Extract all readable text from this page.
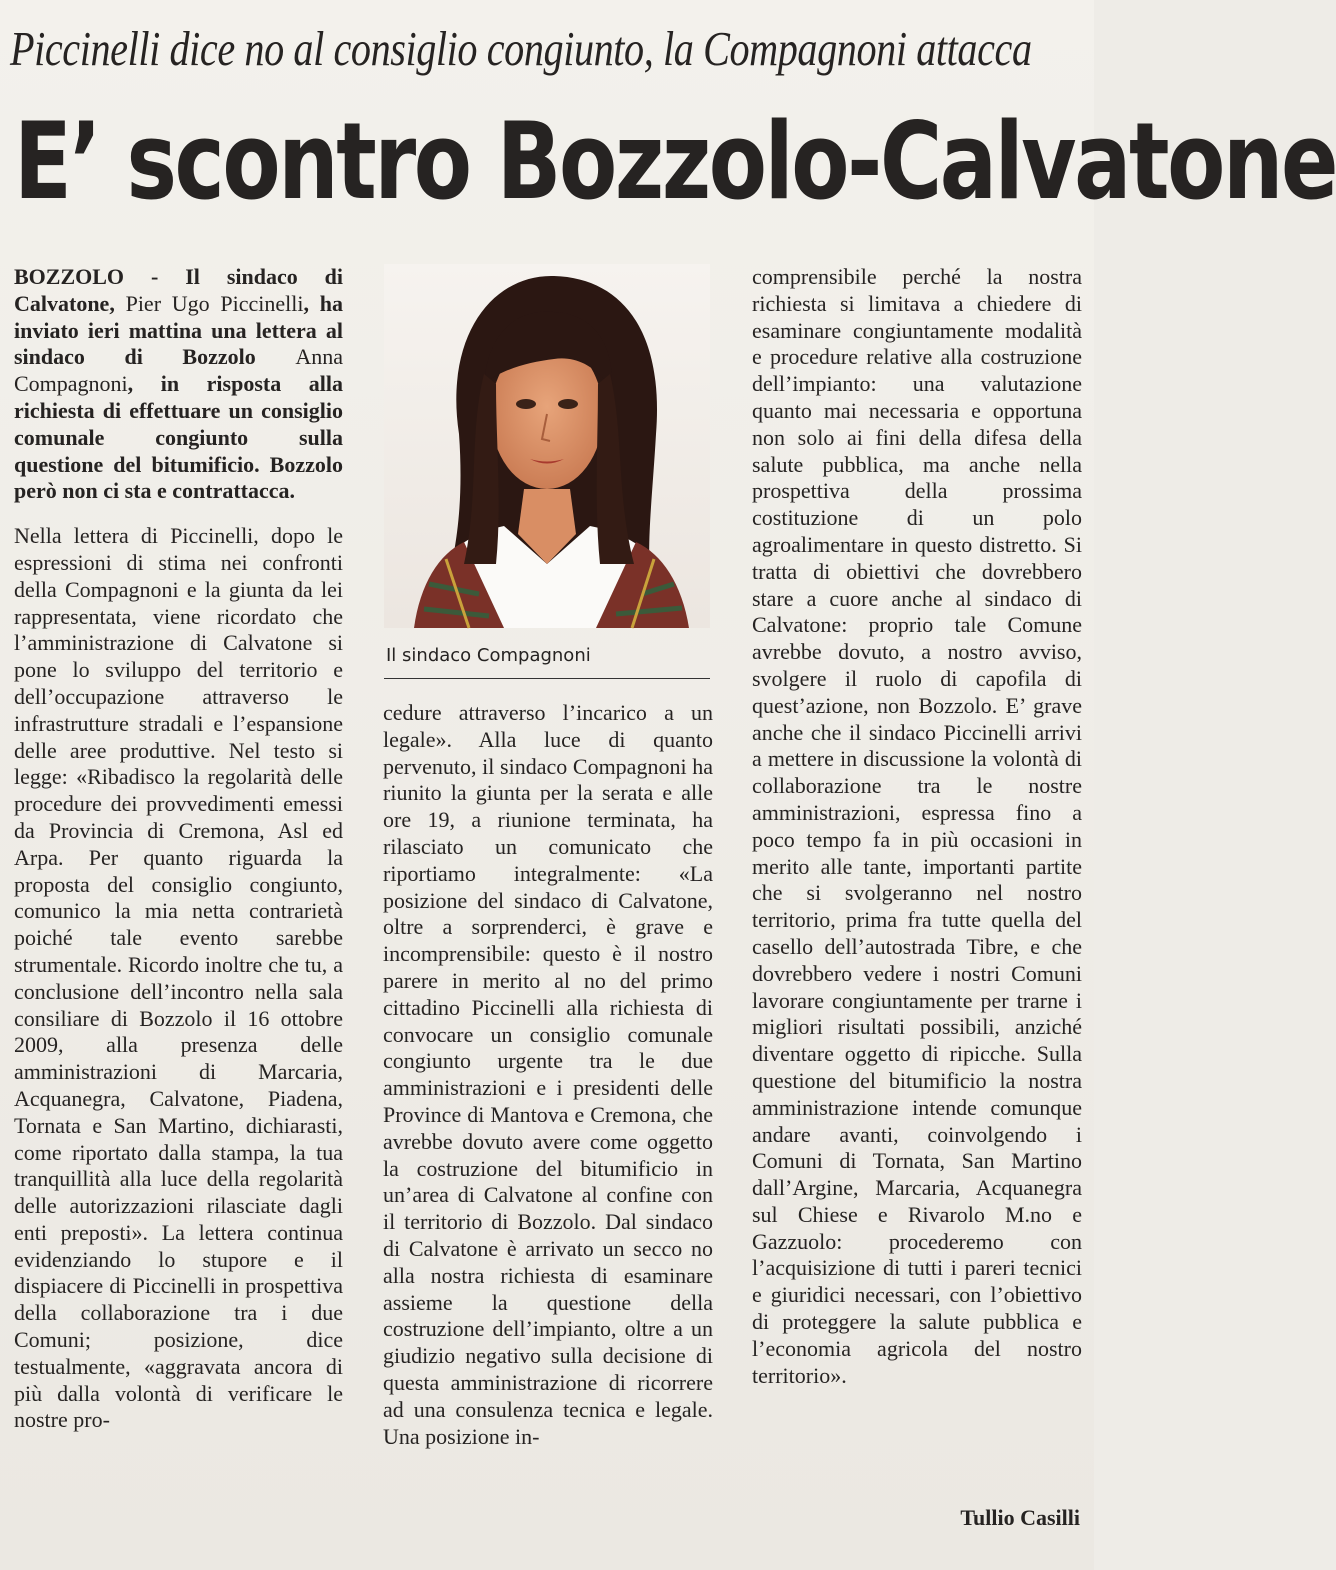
Piccinelli dice no al consiglio congiunto, la Compagnoni attacca
E’ scontro Bozzolo-Calvatone

BOZZOLO - Il sindaco di Calvatone, Pier Ugo Piccinelli, ha inviato ieri mattina una lettera al sindaco di Bozzolo Anna Compagnoni, in risposta alla richiesta di effettuare un consiglio comunale congiunto sulla questione del bitumificio. Bozzolo però non ci sta e contrattacca.

Nella lettera di Piccinelli, dopo le espressioni di stima nei confronti della Compagnoni e la giunta da lei rappresentata, viene ricordato che l’amministrazione di Calvatone si pone lo sviluppo del territorio e dell’occupazione attraverso le infrastrutture stradali e l’espansione delle aree produttive. Nel testo si legge: «Ribadisco la regolarità delle procedure dei provvedimenti emessi da Provincia di Cremona, Asl ed Arpa. Per quanto riguarda la proposta del consiglio congiunto, comunico la mia netta contrarietà poiché tale evento sarebbe strumentale. Ricordo inoltre che tu, a conclusione dell’incontro nella sala consiliare di Bozzolo il 16 ottobre 2009, alla presenza delle amministrazioni di Marcaria, Acquanegra, Calvatone, Piadena, Tornata e San Martino, dichiarasti, come riportato dalla stampa, la tua tranquillità alla luce della regolarità delle autorizzazioni rilasciate dagli enti preposti». La lettera continua evidenziando lo stupore e il dispiacere di Piccinelli in prospettiva della collaborazione tra i due Comuni; posizione, dice testualmente, «aggravata ancora di più dalla volontà di verificare le nostre pro-

Il sindaco Compagnoni

cedure attraverso l’incarico a un legale». Alla luce di quanto pervenuto, il sindaco Compagnoni ha riunito la giunta per la serata e alle ore 19, a riunione terminata, ha rilasciato un comunicato che riportiamo integralmente: «La posizione del sindaco di Calvatone, oltre a sorprenderci, è grave e incomprensibile: questo è il nostro parere in merito al no del primo cittadino Piccinelli alla richiesta di convocare un consiglio comunale congiunto urgente tra le due amministrazioni e i presidenti delle Province di Mantova e Cremona, che avrebbe dovuto avere come oggetto la costruzione del bitumificio in un’area di Calvatone al confine con il territorio di Bozzolo. Dal sindaco di Calvatone è arrivato un secco no alla nostra richiesta di esaminare assieme la questione della costruzione dell’impianto, oltre a un giudizio negativo sulla decisione di questa amministrazione di ricorrere ad una consulenza tecnica e legale. Una posizione in-

comprensibile perché la nostra richiesta si limitava a chiedere di esaminare congiuntamente modalità e procedure relative alla costruzione dell’impianto: una valutazione quanto mai necessaria e opportuna non solo ai fini della difesa della salute pubblica, ma anche nella prospettiva della prossima costituzione di un polo agroalimentare in questo distretto. Si tratta di obiettivi che dovrebbero stare a cuore anche al sindaco di Calvatone: proprio tale Comune avrebbe dovuto, a nostro avviso, svolgere il ruolo di capofila di quest’azione, non Bozzolo. E’ grave anche che il sindaco Piccinelli arrivi a mettere in discussione la volontà di collaborazione tra le nostre amministrazioni, espressa fino a poco tempo fa in più occasioni in merito alle tante, importanti partite che si svolgeranno nel nostro territorio, prima fra tutte quella del casello dell’autostrada Tibre, e che dovrebbero vedere i nostri Comuni lavorare congiuntamente per trarne i migliori risultati possibili, anziché diventare oggetto di ripicche. Sulla questione del bitumificio la nostra amministrazione intende comunque andare avanti, coinvolgendo i Comuni di Tornata, San Martino dall’Argine, Marcaria, Acquanegra sul Chiese e Rivarolo M.no e Gazzuolo: procederemo con l’acquisizione di tutti i pareri tecnici e giuridici necessari, con l’obiettivo di proteggere la salute pubblica e l’economia agricola del nostro territorio».

Tullio Casilli
